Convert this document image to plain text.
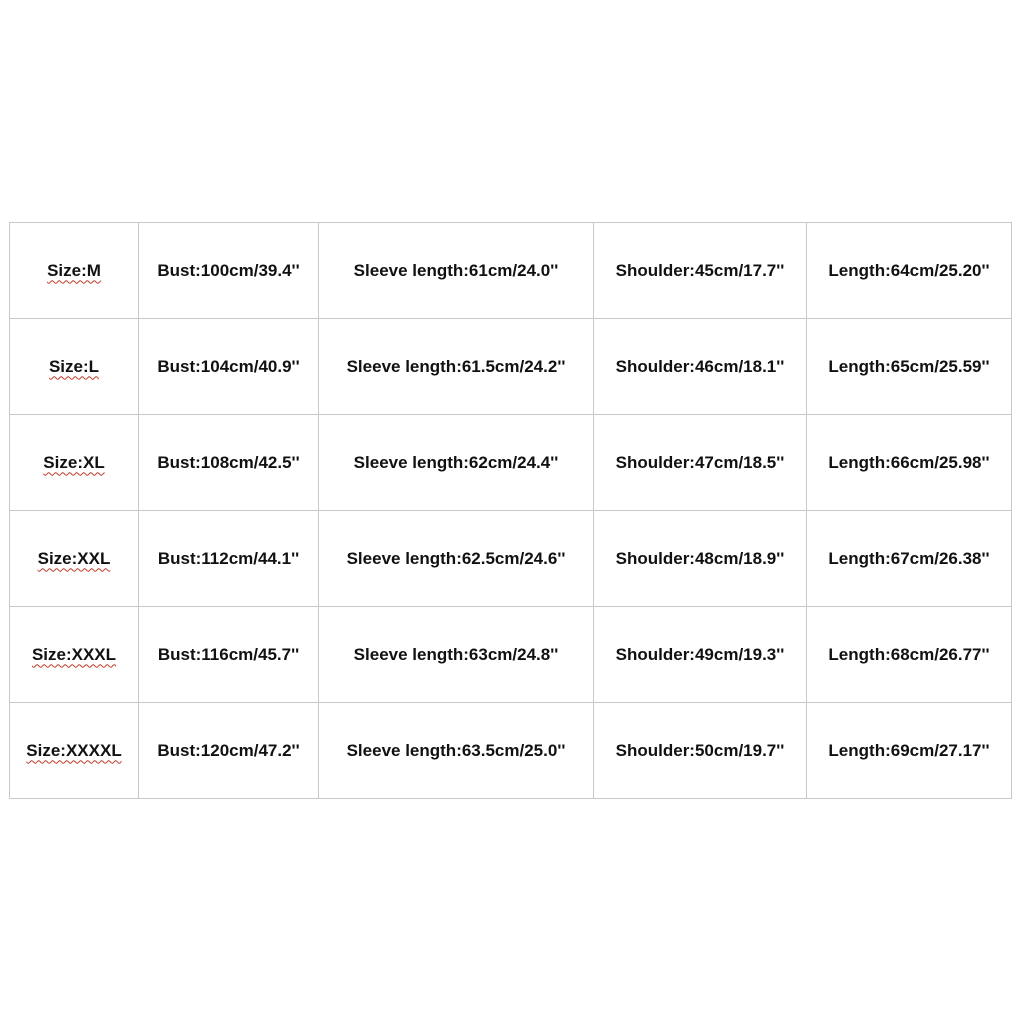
Size:M	Bust:100cm/39.4''	Sleeve length:61cm/24.0''	Shoulder:45cm/17.7''	Length:64cm/25.20''
Size:L	Bust:104cm/40.9''	Sleeve length:61.5cm/24.2''	Shoulder:46cm/18.1''	Length:65cm/25.59''
Size:XL	Bust:108cm/42.5''	Sleeve length:62cm/24.4''	Shoulder:47cm/18.5''	Length:66cm/25.98''
Size:XXL	Bust:112cm/44.1''	Sleeve length:62.5cm/24.6''	Shoulder:48cm/18.9''	Length:67cm/26.38''
Size:XXXL	Bust:116cm/45.7''	Sleeve length:63cm/24.8''	Shoulder:49cm/19.3''	Length:68cm/26.77''
Size:XXXXL	Bust:120cm/47.2''	Sleeve length:63.5cm/25.0''	Shoulder:50cm/19.7''	Length:69cm/27.17''
